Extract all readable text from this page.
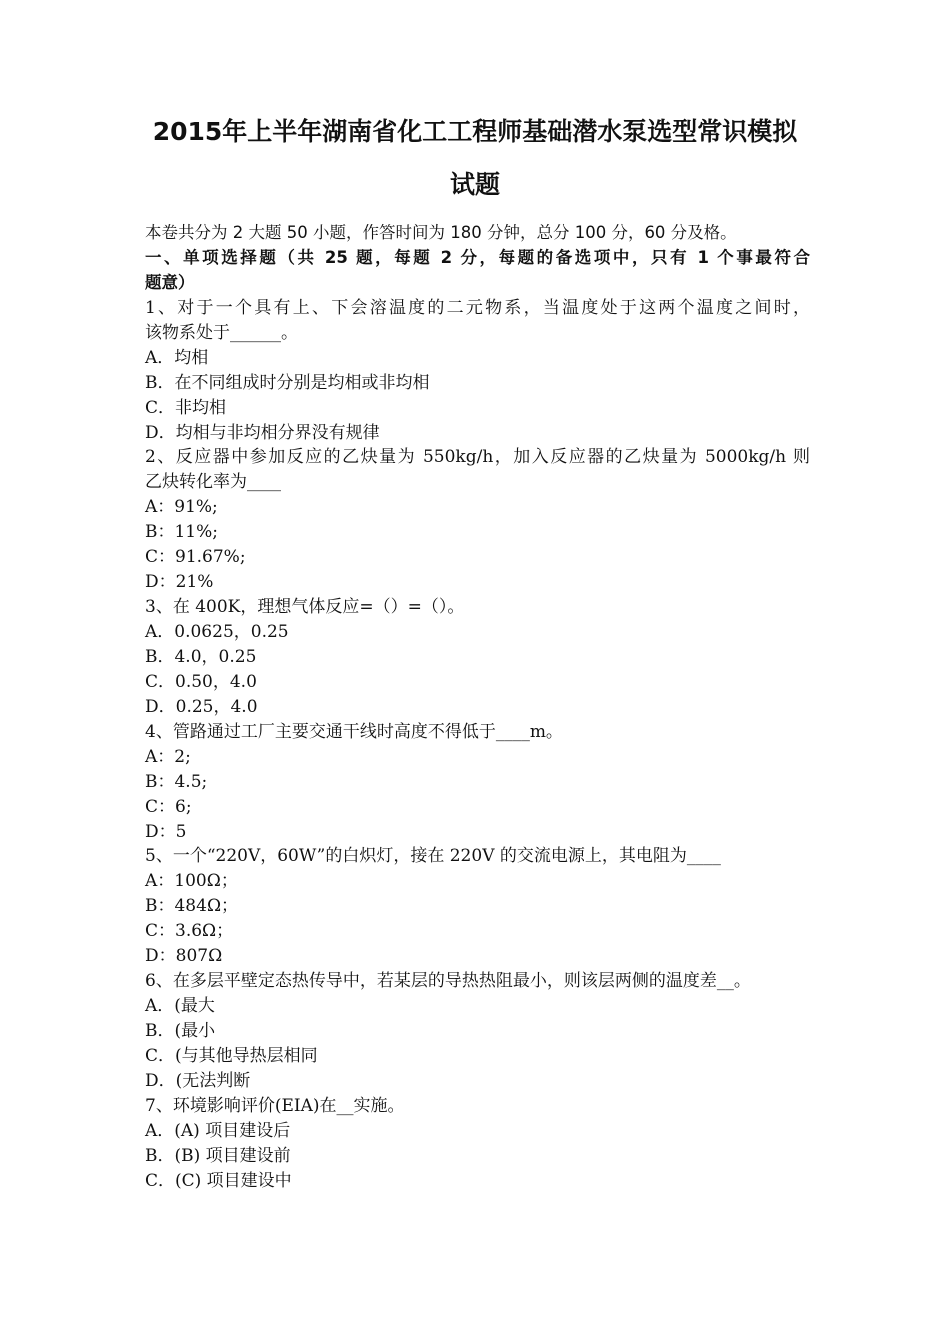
2015年上半年湖南省化工工程师基础潜水泵选型常识模拟
试题
本卷共分为 2 大题 50 小题，作答时间为 180 分钟，总分 100 分，60 分及格。
一、单项选择题（共 25 题，每题 2 分，每题的备选项中，只有 1 个事最符合
题意）
1、对于一个具有上、下会溶温度的二元物系，当温度处于这两个温度之间时，
该物系处于______。
A．均相
B．在不同组成时分别是均相或非均相
C．非均相
D．均相与非均相分界没有规律
2、反应器中参加反应的乙炔量为 550kg/h，加入反应器的乙炔量为 5000kg/h 则
乙炔转化率为____
A：91%;
B：11%;
C：91.67%;
D：21%
3、在 400K，理想气体反应=（）=（）。
A．0.0625，0.25
B．4.0，0.25
C．0.50，4.0
D．0.25，4.0
4、管路通过工厂主要交通干线时高度不得低于____m。
A：2;
B：4.5;
C：6;
D：5
5、一个“220V，60W”的白炽灯，接在 220V 的交流电源上，其电阻为____
A：100Ω；
B：484Ω；
C：3.6Ω；
D：807Ω
6、在多层平壁定态热传导中，若某层的导热热阻最小，则该层两侧的温度差__。
A．(最大
B．(最小
C．(与其他导热层相同
D．(无法判断
7、环境影响评价(EIA)在__实施。
A．(A) 项目建设后
B．(B) 项目建设前
C．(C) 项目建设中
